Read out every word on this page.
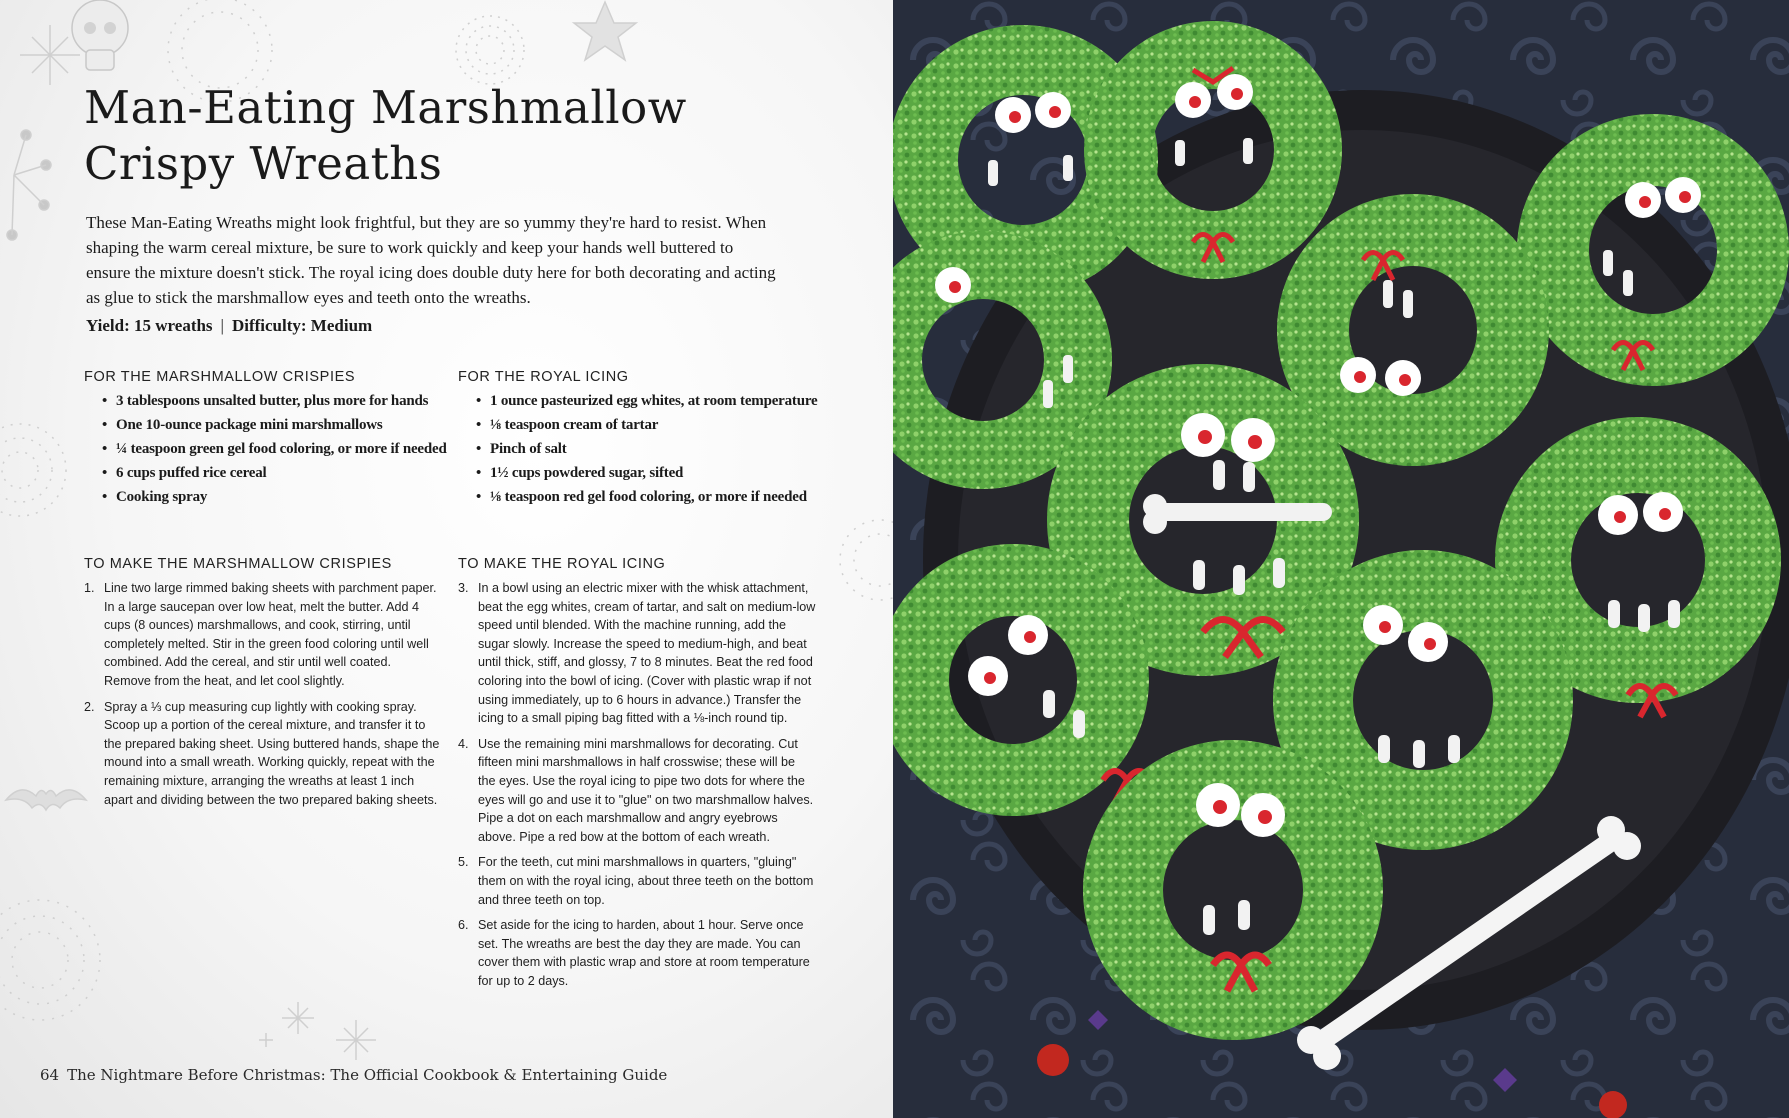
Man-Eating Marshmallow
Crispy Wreaths

These Man-Eating Wreaths might look frightful, but they are so yummy they're hard to resist. When shaping the warm cereal mixture, be sure to work quickly and keep your hands well buttered to ensure the mixture doesn't stick. The royal icing does double duty here for both decorating and acting as glue to stick the marshmallow eyes and teeth onto the wreaths.

Yield: 15 wreaths | Difficulty: Medium
FOR THE MARSHMALLOW CRISPIES
• 3 tablespoons unsalted butter, plus more for hands
• One 10-ounce package mini marshmallows
• ¼ teaspoon green gel food coloring, or more if needed
• 6 cups puffed rice cereal
• Cooking spray
FOR THE ROYAL ICING
• 1 ounce pasteurized egg whites, at room temperature
• ⅛ teaspoon cream of tartar
• Pinch of salt
• 1½ cups powdered sugar, sifted
• ⅛ teaspoon red gel food coloring, or more if needed
TO MAKE THE MARSHMALLOW CRISPIES
1. Line two large rimmed baking sheets with parchment paper. In a large saucepan over low heat, melt the butter. Add 4 cups (8 ounces) marshmallows, and cook, stirring, until completely melted. Stir in the green food coloring until well combined. Add the cereal, and stir until well coated. Remove from the heat, and let cool slightly.
2. Spray a ⅓ cup measuring cup lightly with cooking spray. Scoop up a portion of the cereal mixture, and transfer it to the prepared baking sheet. Using buttered hands, shape the mound into a small wreath. Working quickly, repeat with the remaining mixture, arranging the wreaths at least 1 inch apart and dividing between the two prepared baking sheets.
TO MAKE THE ROYAL ICING
3. In a bowl using an electric mixer with the whisk attachment, beat the egg whites, cream of tartar, and salt on medium-low speed until blended. With the machine running, add the sugar slowly. Increase the speed to medium-high, and beat until thick, stiff, and glossy, 7 to 8 minutes. Beat the red food coloring into the bowl of icing. (Cover with plastic wrap if not using immediately, up to 6 hours in advance.) Transfer the icing to a small piping bag fitted with a ⅛-inch round tip.
4. Use the remaining mini marshmallows for decorating. Cut fifteen mini marshmallows in half crosswise; these will be the eyes. Use the royal icing to pipe two dots for where the eyes will go and use it to "glue" on two marshmallow halves. Pipe a dot on each marshmallow and angry eyebrows above. Pipe a red bow at the bottom of each wreath.
5. For the teeth, cut mini marshmallows in quarters, "gluing" them on with the royal icing, about three teeth on the bottom and three teeth on top.
6. Set aside for the icing to harden, about 1 hour. Serve once set. The wreaths are best the day they are made. You can cover them with plastic wrap and store at room temperature for up to 2 days.
64 The Nightmare Before Christmas: The Official Cookbook & Entertaining Guide
